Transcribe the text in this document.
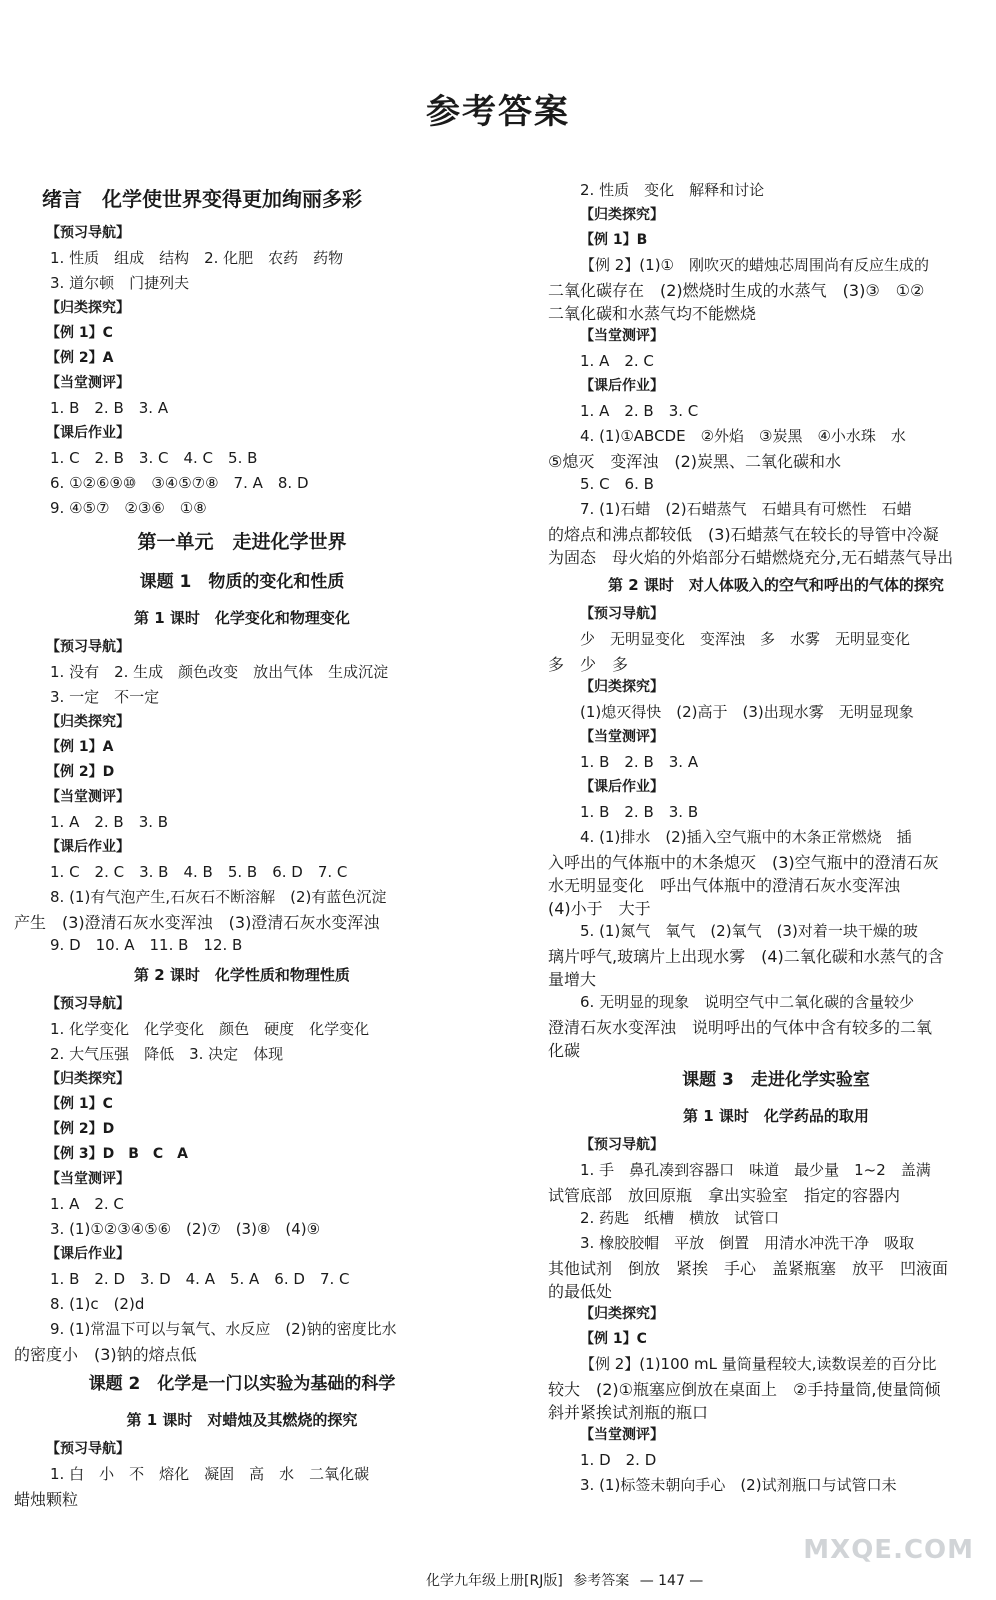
参考答案
绪言　化学使世界变得更加绚丽多彩
【预习导航】
1. 性质　组成　结构　2. 化肥　农药　药物
3. 道尔顿　门捷列夫
【归类探究】
【例 1】C
【例 2】A
【当堂测评】
1. B　2. B　3. A
【课后作业】
1. C　2. B　3. C　4. C　5. B
6. ①②⑥⑨⑩　③④⑤⑦⑧　7. A　8. D
9. ④⑤⑦　②③⑥　①⑧
第一单元　走进化学世界
课题 1　物质的变化和性质
第 1 课时　化学变化和物理变化
【预习导航】
1. 没有　2. 生成　颜色改变　放出气体　生成沉淀
3. 一定　不一定
【归类探究】
【例 1】A
【例 2】D
【当堂测评】
1. A　2. B　3. B
【课后作业】
1. C　2. C　3. B　4. B　5. B　6. D　7. C
8. (1)有气泡产生,石灰石不断溶解　(2)有蓝色沉淀
产生　(3)澄清石灰水变浑浊　(3)澄清石灰水变浑浊
9. D　10. A　11. B　12. B
第 2 课时　化学性质和物理性质
【预习导航】
1. 化学变化　化学变化　颜色　硬度　化学变化
2. 大气压强　降低　3. 决定　体现
【归类探究】
【例 1】C
【例 2】D
【例 3】D　B　C　A
【当堂测评】
1. A　2. C
3. (1)①②③④⑤⑥　(2)⑦　(3)⑧　(4)⑨
【课后作业】
1. B　2. D　3. D　4. A　5. A　6. D　7. C
8. (1)c　(2)d
9. (1)常温下可以与氧气、水反应　(2)钠的密度比水
的密度小　(3)钠的熔点低
课题 2　化学是一门以实验为基础的科学
第 1 课时　对蜡烛及其燃烧的探究
【预习导航】
1. 白　小　不　熔化　凝固　高　水　二氧化碳
蜡烛颗粒
2. 性质　变化　解释和讨论
【归类探究】
【例 1】B
【例 2】(1)①　刚吹灭的蜡烛芯周围尚有反应生成的
二氧化碳存在　(2)燃烧时生成的水蒸气　(3)③　①②
二氧化碳和水蒸气均不能燃烧
【当堂测评】
1. A　2. C
【课后作业】
1. A　2. B　3. C
4. (1)①ABCDE　②外焰　③炭黑　④小水珠　水
⑤熄灭　变浑浊　(2)炭黑、二氧化碳和水
5. C　6. B
7. (1)石蜡　(2)石蜡蒸气　石蜡具有可燃性　石蜡
的熔点和沸点都较低　(3)石蜡蒸气在较长的导管中冷凝
为固态　母火焰的外焰部分石蜡燃烧充分,无石蜡蒸气导出
第 2 课时　对人体吸入的空气和呼出的气体的探究
【预习导航】
少　无明显变化　变浑浊　多　水雾　无明显变化
多　少　多
【归类探究】
(1)熄灭得快　(2)高于　(3)出现水雾　无明显现象
【当堂测评】
1. B　2. B　3. A
【课后作业】
1. B　2. B　3. B
4. (1)排水　(2)插入空气瓶中的木条正常燃烧　插
入呼出的气体瓶中的木条熄灭　(3)空气瓶中的澄清石灰
水无明显变化　呼出气体瓶中的澄清石灰水变浑浊
(4)小于　大于
5. (1)氮气　氧气　(2)氧气　(3)对着一块干燥的玻
璃片呼气,玻璃片上出现水雾　(4)二氧化碳和水蒸气的含
量增大
6. 无明显的现象　说明空气中二氧化碳的含量较少
澄清石灰水变浑浊　说明呼出的气体中含有较多的二氧
化碳
课题 3　走进化学实验室
第 1 课时　化学药品的取用
【预习导航】
1. 手　鼻孔凑到容器口　味道　最少量　1~2　盖满
试管底部　放回原瓶　拿出实验室　指定的容器内
2. 药匙　纸槽　横放　试管口
3. 橡胶胶帽　平放　倒置　用清水冲洗干净　吸取
其他试剂　倒放　紧挨　手心　盖紧瓶塞　放平　凹液面
的最低处
【归类探究】
【例 1】C
【例 2】(1)100 mL 量筒量程较大,读数误差的百分比
较大　(2)①瓶塞应倒放在桌面上　②手持量筒,使量筒倾
斜并紧挨试剂瓶的瓶口
【当堂测评】
1. D　2. D
3. (1)标签未朝向手心　(2)试剂瓶口与试管口未
化学九年级上册[RJ版] 参考答案 — 147 —
MXQE.COM
